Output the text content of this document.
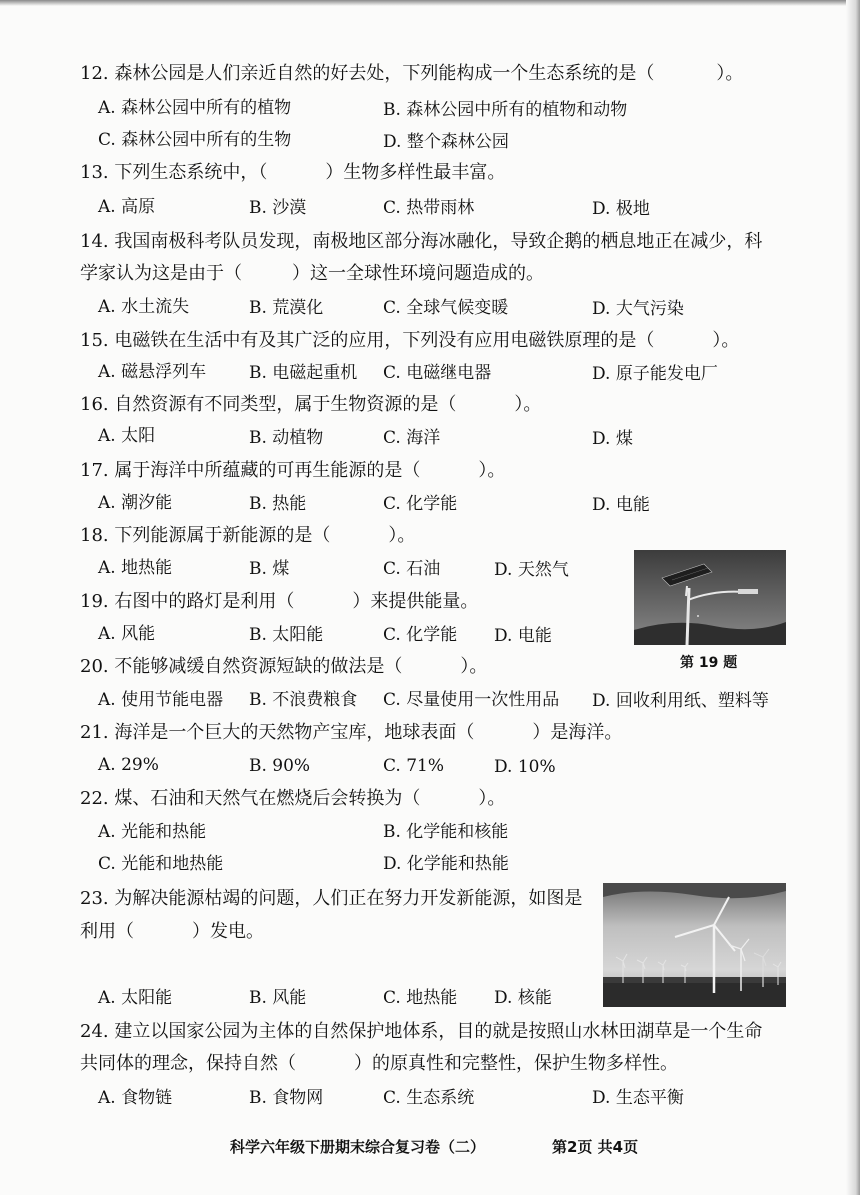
12. 森林公园是人们亲近自然的好去处，下列能构成一个生态系统的是（	）。
A. 森林公园中所有的植物	B. 森林公园中所有的植物和动物
C. 森林公园中所有的生物	D. 整个森林公园
13. 下列生态系统中，（	）生物多样性最丰富。
A. 高原	B. 沙漠	C. 热带雨林	D. 极地
14. 我国南极科考队员发现，南极地区部分海冰融化，导致企鹅的栖息地正在减少，科
学家认为这是由于（	）这一全球性环境问题造成的。
A. 水土流失	B. 荒漠化	C. 全球气候变暖	D. 大气污染
15. 电磁铁在生活中有及其广泛的应用，下列没有应用电磁铁原理的是（	）。
A. 磁悬浮列车	B. 电磁起重机 C. 电磁继电器	D. 原子能发电厂
16. 自然资源有不同类型，属于生物资源的是（	）。
A. 太阳	B. 动植物	C. 海洋	D. 煤
17. 属于海洋中所蕴藏的可再生能源的是（	）。
A. 潮汐能	B. 热能	C. 化学能	D. 电能
18. 下列能源属于新能源的是（	）。
A. 地热能	B. 煤	C. 石油	D. 天然气
19. 右图中的路灯是利用（	）来提供能量。
A. 风能	B. 太阳能	C. 化学能 D. 电能
第 19 题
20. 不能够减缓自然资源短缺的做法是（	）。
A. 使用节能电器 B. 不浪费粮食 C. 尽量使用一次性用品 D. 回收利用纸、塑料等
21. 海洋是一个巨大的天然物产宝库，地球表面（	）是海洋。
A. 29%	B. 90%	C. 71%	D. 10%
22. 煤、石油和天然气在燃烧后会转换为（	）。
A. 光能和热能	B. 化学能和核能
C. 光能和地热能	D. 化学能和热能
23. 为解决能源枯竭的问题，人们正在努力开发新能源，如图是
利用（	）发电。
A. 太阳能	B. 风能	C. 地热能 D. 核能
24. 建立以国家公园为主体的自然保护地体系，目的就是按照山水林田湖草是一个生命
共同体的理念，保持自然（	）的原真性和完整性，保护生物多样性。
A. 食物链	B. 食物网	C. 生态系统	D. 生态平衡
科学六年级下册期末综合复习卷（二）	第2页 共4页
